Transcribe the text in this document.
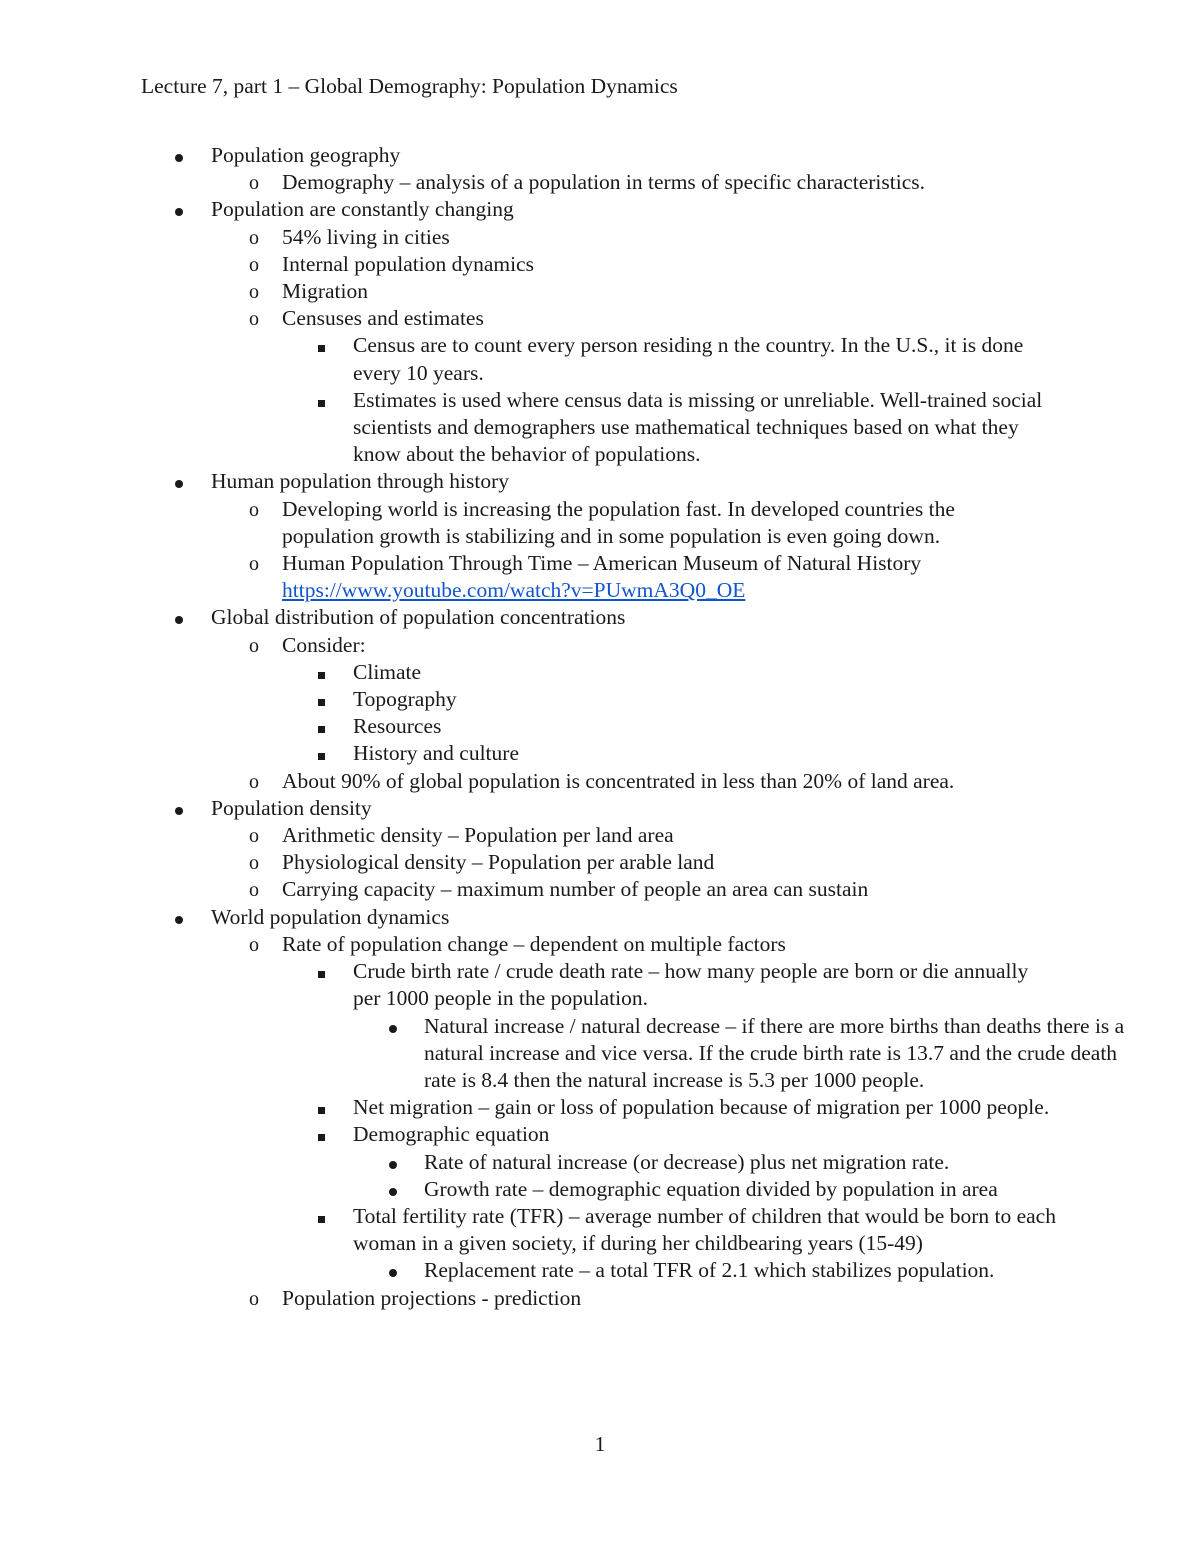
Lecture 7, part 1 – Global Demography: Population Dynamics
Population geography
o Demography – analysis of a population in terms of specific characteristics.
Population are constantly changing
o 54% living in cities
o Internal population dynamics
o Migration
o Censuses and estimates
Census are to count every person residing n the country. In the U.S., it is done every 10 years.
Estimates is used where census data is missing or unreliable. Well-trained social scientists and demographers use mathematical techniques based on what they know about the behavior of populations.
Human population through history
o Developing world is increasing the population fast. In developed countries the population growth is stabilizing and in some population is even going down.
o Human Population Through Time – American Museum of Natural History
https://www.youtube.com/watch?v=PUwmA3Q0_OE
Global distribution of population concentrations
o Consider:
Climate
Topography
Resources
History and culture
o About 90% of global population is concentrated in less than 20% of land area.
Population density
o Arithmetic density – Population per land area
o Physiological density – Population per arable land
o Carrying capacity – maximum number of people an area can sustain
World population dynamics
o Rate of population change – dependent on multiple factors
Crude birth rate / crude death rate – how many people are born or die annually per 1000 people in the population.
Natural increase / natural decrease – if there are more births than deaths there is a natural increase and vice versa. If the crude birth rate is 13.7 and the crude death rate is 8.4 then the natural increase is 5.3 per 1000 people.
Net migration – gain or loss of population because of migration per 1000 people.
Demographic equation
Rate of natural increase (or decrease) plus net migration rate.
Growth rate – demographic equation divided by population in area
Total fertility rate (TFR) – average number of children that would be born to each woman in a given society, if during her childbearing years (15-49)
Replacement rate – a total TFR of 2.1 which stabilizes population.
o Population projections - prediction
1
